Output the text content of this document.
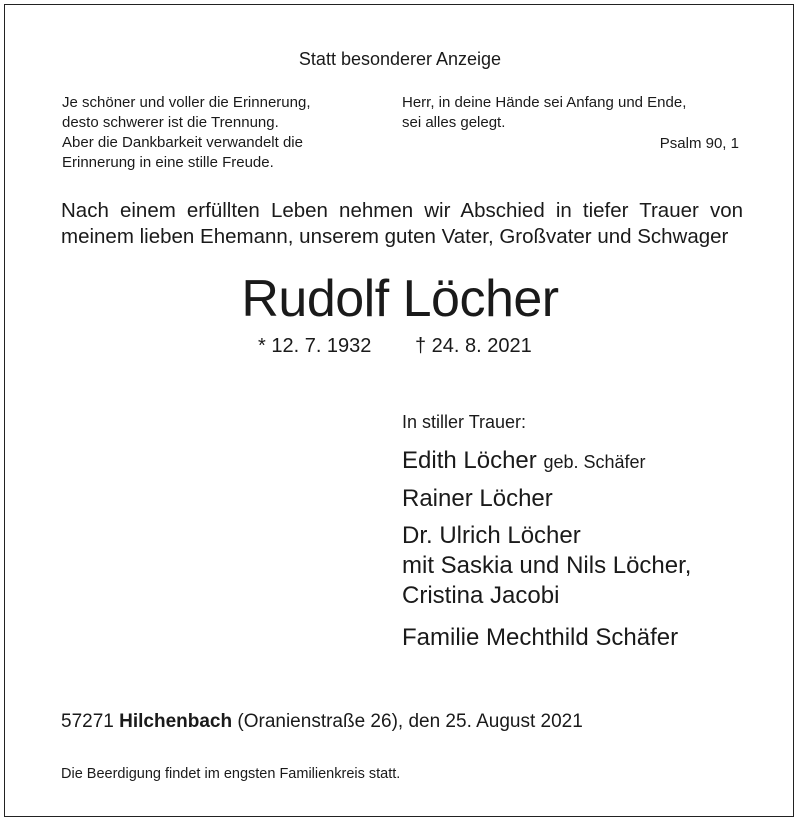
Statt besonderer Anzeige
Je schöner und voller die Erinnerung,
desto schwerer ist die Trennung.
Aber die Dankbarkeit verwandelt die
Erinnerung in eine stille Freude.
Herr, in deine Hände sei Anfang und Ende,
sei alles gelegt.
Psalm 90, 1
Nach einem erfüllten Leben nehmen wir Abschied in tiefer Trauer von
meinem lieben Ehemann, unserem guten Vater, Großvater und Schwager
Rudolf Löcher
* 12. 7. 1932 † 24. 8. 2021
In stiller Trauer:
Edith Löcher geb. Schäfer
Rainer Löcher
Dr. Ulrich Löcher
mit Saskia und Nils Löcher,
Cristina Jacobi
Familie Mechthild Schäfer
57271 Hilchenbach (Oranienstraße 26), den 25. August 2021
Die Beerdigung findet im engsten Familienkreis statt.
